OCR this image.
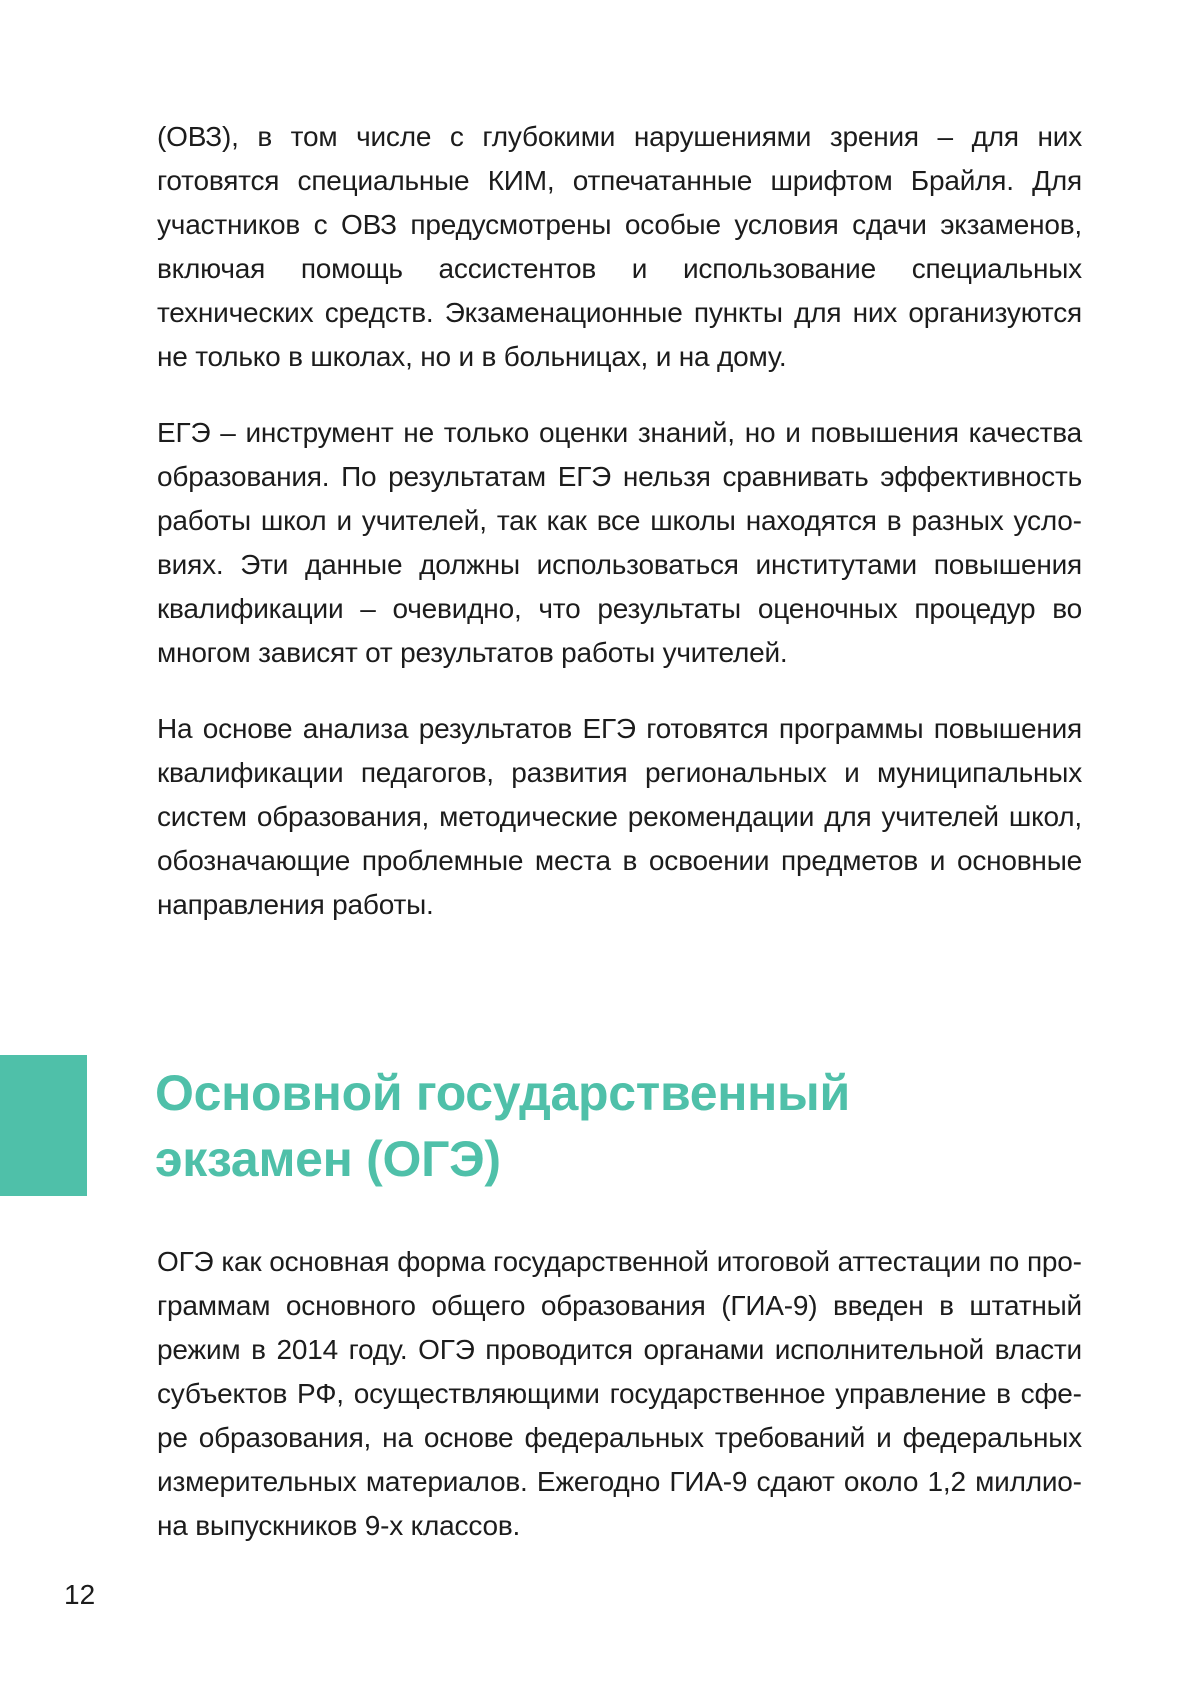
(ОВЗ), в том числе с глубокими нарушениями зрения – для них готовятся специальные КИМ, отпечатанные шрифтом Брайля. Для участников с ОВЗ предусмотрены особые условия сдачи экзаменов, включая помощь ассистентов и использование специальных технических средств. Экзаменационные пункты для них организуются не только в школах, но и в больницах, и на дому.

ЕГЭ – инструмент не только оценки знаний, но и повышения качества образования. По результатам ЕГЭ нельзя сравнивать эффективность работы школ и учителей, так как все школы находятся в разных условиях. Эти данные должны использоваться институтами повышения квалификации – очевидно, что результаты оценочных процедур во многом зависят от результатов работы учителей.

На основе анализа результатов ЕГЭ готовятся программы повышения квалификации педагогов, развития региональных и муниципальных систем образования, методические рекомендации для учителей школ, обозначающие проблемные места в освоении предметов и основные направления работы.

Основной государственный
экзамен (ОГЭ)

ОГЭ как основная форма государственной итоговой аттестации по программам основного общего образования (ГИА-9) введен в штатный режим в 2014 году. ОГЭ проводится органами исполнительной власти субъектов РФ, осуществляющими государственное управление в сфере образования, на основе федеральных требований и федеральных измерительных материалов. Ежегодно ГИА-9 сдают около 1,2 миллиона выпускников 9-х классов.

12
